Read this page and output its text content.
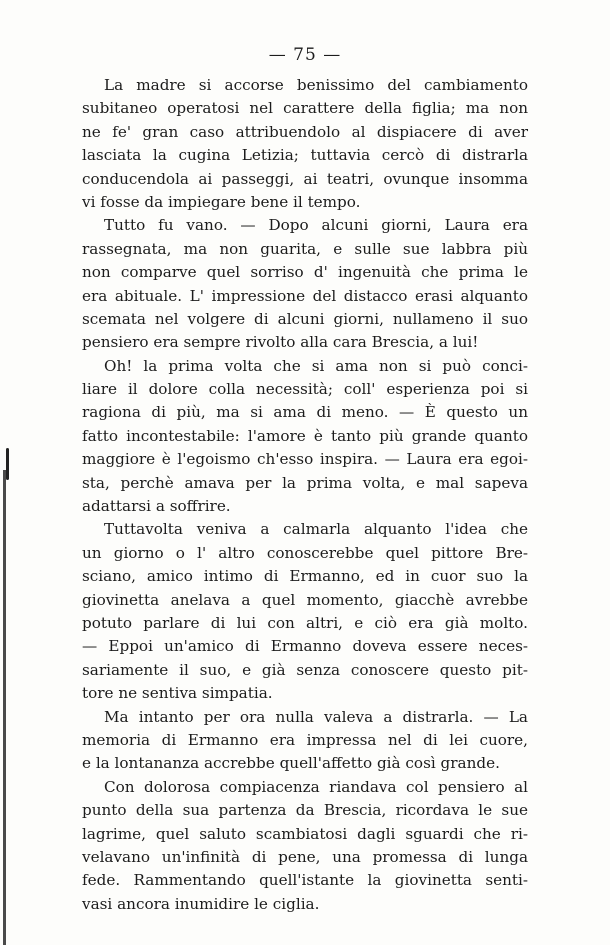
— 75 —
La madre si accorse benissimo del cambiamento
subitaneo operatosi nel carattere della figlia; ma non
ne fe' gran caso attribuendolo al dispiacere di aver
lasciata la cugina Letizia; tuttavia cercò di distrarla
conducendola ai passeggi, ai teatri, ovunque insomma
vi fosse da impiegare bene il tempo.
Tutto fu vano. — Dopo alcuni giorni, Laura era
rassegnata, ma non guarita, e sulle sue labbra più
non comparve quel sorriso d' ingenuità che prima le
era abituale. L' impressione del distacco erasi alquanto
scemata nel volgere di alcuni giorni, nullameno il suo
pensiero era sempre rivolto alla cara Brescia, a lui!
Oh! la prima volta che si ama non si può conci-
liare il dolore colla necessità; coll' esperienza poi si
ragiona di più, ma si ama di meno. — È questo un
fatto incontestabile: l'amore è tanto più grande quanto
maggiore è l'egoismo ch'esso inspira. — Laura era egoi-
sta, perchè amava per la prima volta, e mal sapeva
adattarsi a soffrire.
Tuttavolta veniva a calmarla alquanto l'idea che
un giorno o l' altro conoscerebbe quel pittore Bre-
sciano, amico intimo di Ermanno, ed in cuor suo la
giovinetta anelava a quel momento, giacchè avrebbe
potuto parlare di lui con altri, e ciò era già molto.
— Eppoi un'amico di Ermanno doveva essere neces-
sariamente il suo, e già senza conoscere questo pit-
tore ne sentiva simpatia.
Ma intanto per ora nulla valeva a distrarla. — La
memoria di Ermanno era impressa nel di lei cuore,
e la lontananza accrebbe quell'affetto già così grande.
Con dolorosa compiacenza riandava col pensiero al
punto della sua partenza da Brescia, ricordava le sue
lagrime, quel saluto scambiatosi dagli sguardi che ri-
velavano un'infinità di pene, una promessa di lunga
fede. Rammentando quell'istante la giovinetta senti-
vasi ancora inumidire le ciglia.
